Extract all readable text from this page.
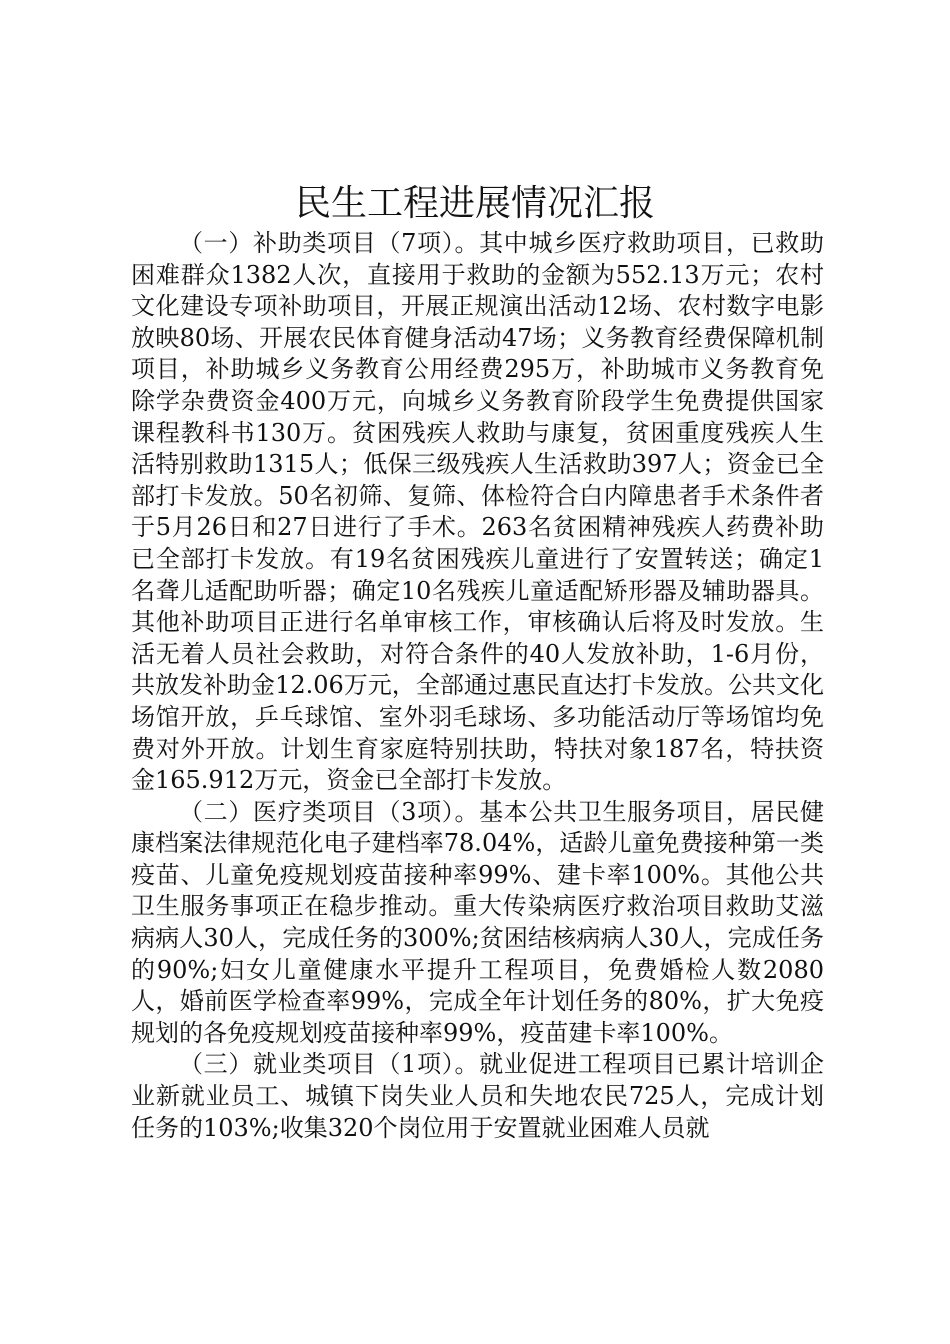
民生工程进展情况汇报

（一）补助类项目（7项）。其中城乡医疗救助项目，已救助困难群众1382人次，直接用于救助的金额为552.13万元；农村文化建设专项补助项目，开展正规演出活动12场、农村数字电影放映80场、开展农民体育健身活动47场；义务教育经费保障机制项目，补助城乡义务教育公用经费295万，补助城市义务教育免除学杂费资金400万元，向城乡义务教育阶段学生免费提供国家课程教科书130万。贫困残疾人救助与康复，贫困重度残疾人生活特别救助1315人；低保三级残疾人生活救助397人；资金已全部打卡发放。50名初筛、复筛、体检符合白内障患者手术条件者于5月26日和27日进行了手术。263名贫困精神残疾人药费补助已全部打卡发放。有19名贫困残疾儿童进行了安置转送；确定1名聋儿适配助听器；确定10名残疾儿童适配矫形器及辅助器具。其他补助项目正进行名单审核工作，审核确认后将及时发放。生活无着人员社会救助，对符合条件的40人发放补助，1-6月份，共放发补助金12.06万元，全部通过惠民直达打卡发放。公共文化场馆开放，乒乓球馆、室外羽毛球场、多功能活动厅等场馆均免费对外开放。计划生育家庭特别扶助，特扶对象187名，特扶资金165.912万元，资金已全部打卡发放。

（二）医疗类项目（3项）。基本公共卫生服务项目，居民健康档案法律规范化电子建档率78.04%，适龄儿童免费接种第一类疫苗、儿童免疫规划疫苗接种率99%、建卡率100%。其他公共卫生服务事项正在稳步推动。重大传染病医疗救治项目救助艾滋病病人30人，完成任务的300%;贫困结核病病人30人，完成任务的90%;妇女儿童健康水平提升工程项目，免费婚检人数2080人，婚前医学检查率99%，完成全年计划任务的80%，扩大免疫规划的各免疫规划疫苗接种率99%，疫苗建卡率100%。

（三）就业类项目（1项）。就业促进工程项目已累计培训企业新就业员工、城镇下岗失业人员和失地农民725人，完成计划任务的103%;收集320个岗位用于安置就业困难人员就
